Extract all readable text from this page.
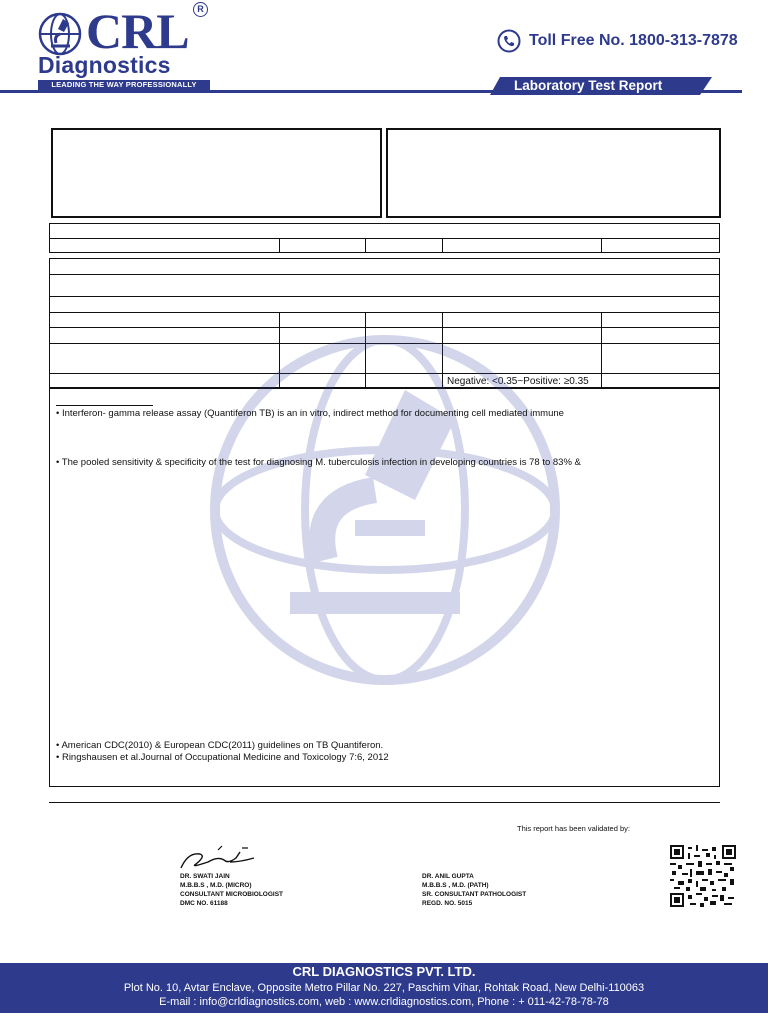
CRL R
Diagnostics
LEADING THE WAY PROFESSIONALLY
Toll Free No. 1800-313-7878
Laboratory Test Report
Negative: <0.35~Positive: ≥0.35
• Interferon- gamma release assay (Quantiferon TB) is an in vitro, indirect method for documenting cell mediated immune
• The pooled sensitivity & specificity of the test for diagnosing M. tuberculosis infection in developing countries is 78 to 83% &
• American CDC(2010) & European CDC(2011) guidelines on TB Quantiferon.
• Ringshausen et al.Journal of Occupational Medicine and Toxicology 7:6, 2012
This report has been validated by:
DR. SWATI JAIN
M.B.B.S , M.D. (MICRO)
CONSULTANT MICROBIOLOGIST
DMC NO. 61188
DR. ANIL GUPTA
M.B.B.S , M.D. (PATH)
SR. CONSULTANT PATHOLOGIST
REGD. NO. 5015
CRL DIAGNOSTICS PVT. LTD.
Plot No. 10, Avtar Enclave, Opposite Metro Pillar No. 227, Paschim Vihar, Rohtak Road, New Delhi-110063
E-mail : info@crldiagnostics.com, web : www.crldiagnostics.com, Phone : + 011-42-78-78-78
